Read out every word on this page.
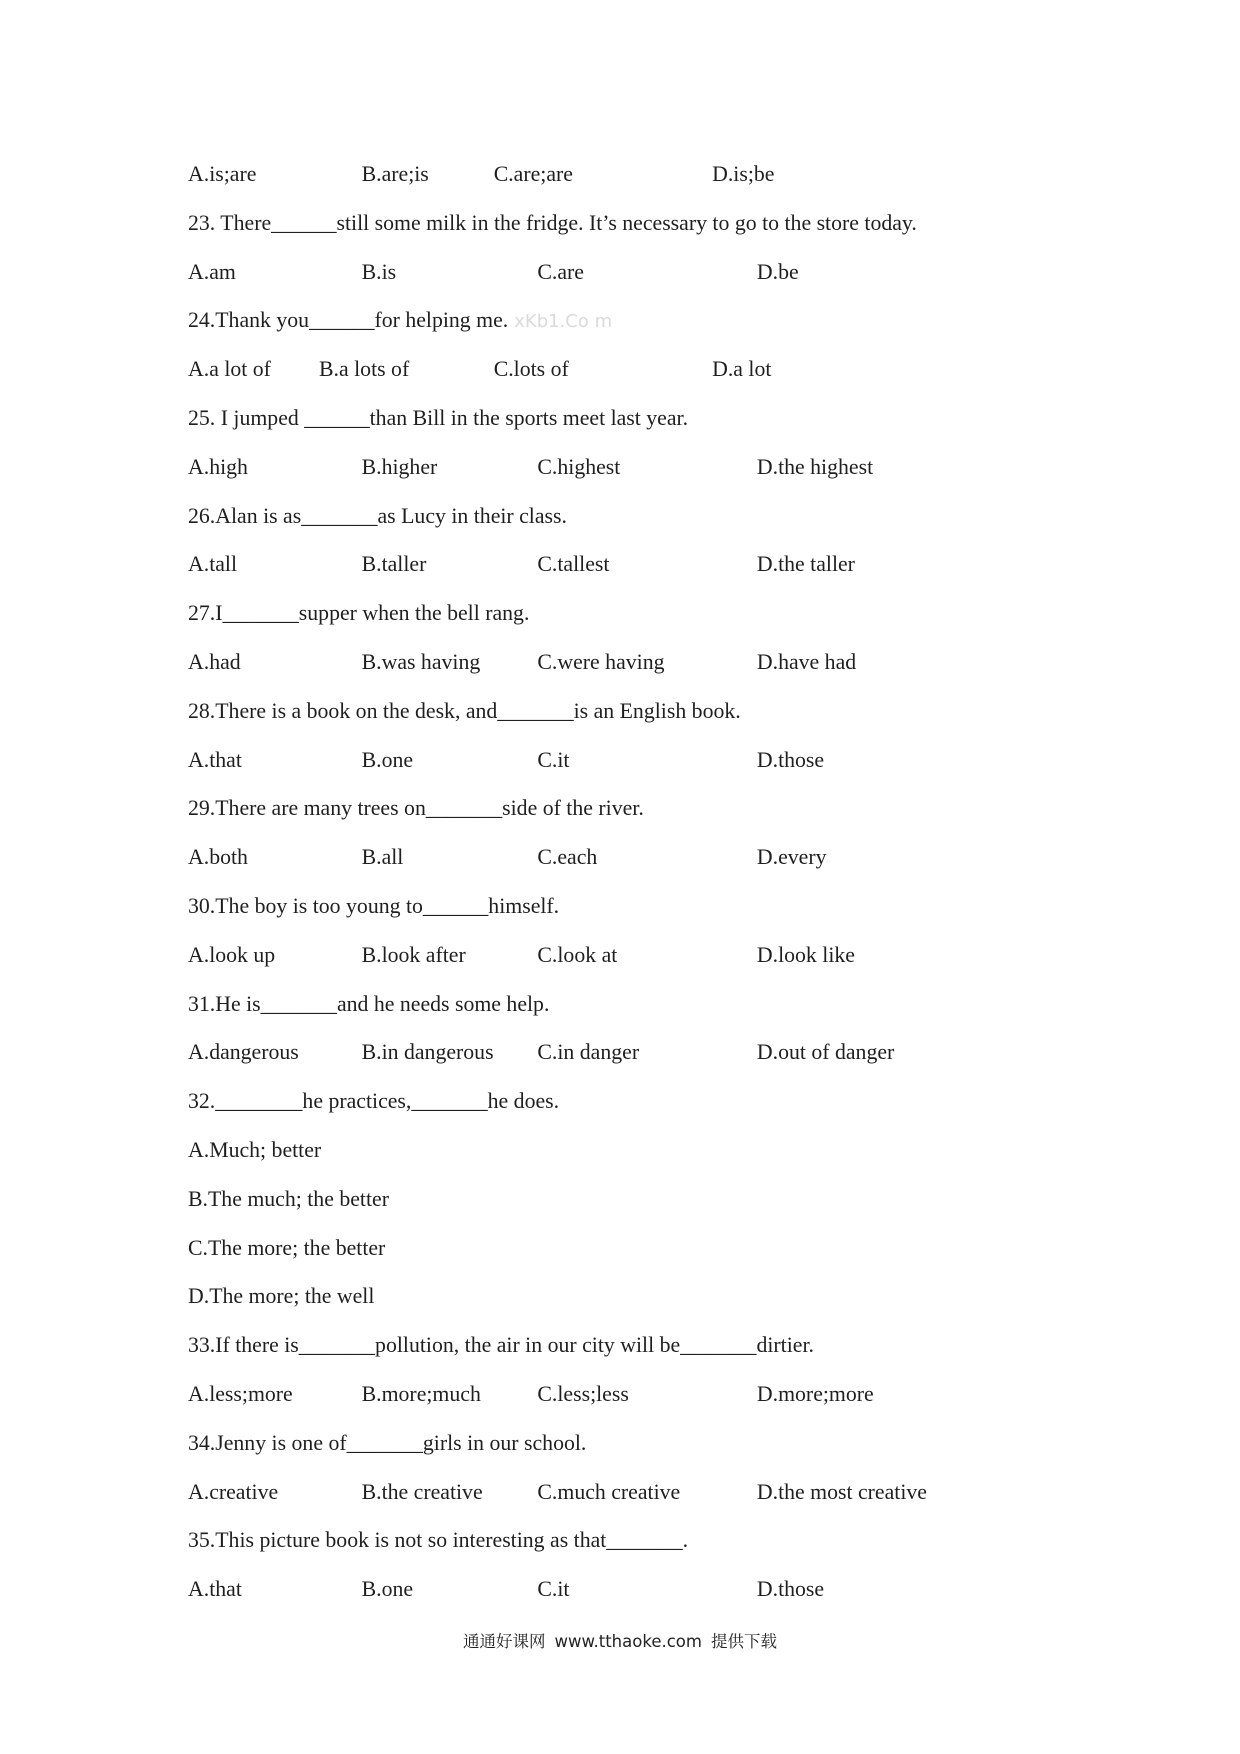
A.is;are	B.are;is	C.are;are	D.is;be
23. There______still some milk in the fridge. It’s necessary to go to the store today.
A.am	B.is	C.are	D.be
24.Thank you______for helping me. xKb1.Co m
A.a lot of B.a lots of	C.lots of	D.a lot
25. I jumped ______than Bill in the sports meet last year.
A.high	B.higher	C.highest	D.the highest
26.Alan is as_______as Lucy in their class.
A.tall	B.taller	C.tallest	D.the taller
27.I_______supper when the bell rang.
A.had	B.was having	C.were having	D.have had
28.There is a book on the desk, and_______is an English book.
A.that	B.one	C.it	D.those
29.There are many trees on_______side of the river.
A.both	B.all	C.each	D.every
30.The boy is too young to______himself.
A.look up	B.look after	C.look at	D.look like
31.He is_______and he needs some help.
A.dangerous	B.in dangerous C.in danger	D.out of danger
32.________he practices,_______he does.
A.Much; better
B.The much; the better
C.The more; the better
D.The more; the well
33.If there is_______pollution, the air in our city will be_______dirtier.
A.less;more	B.more;much	C.less;less	D.more;more
34.Jenny is one of_______girls in our school.
A.creative	B.the creative	C.much creative	D.the most creative
35.This picture book is not so interesting as that_______.
A.that	B.one	C.it	D.those
通通好课网 www.tthaoke.com 提供下载
